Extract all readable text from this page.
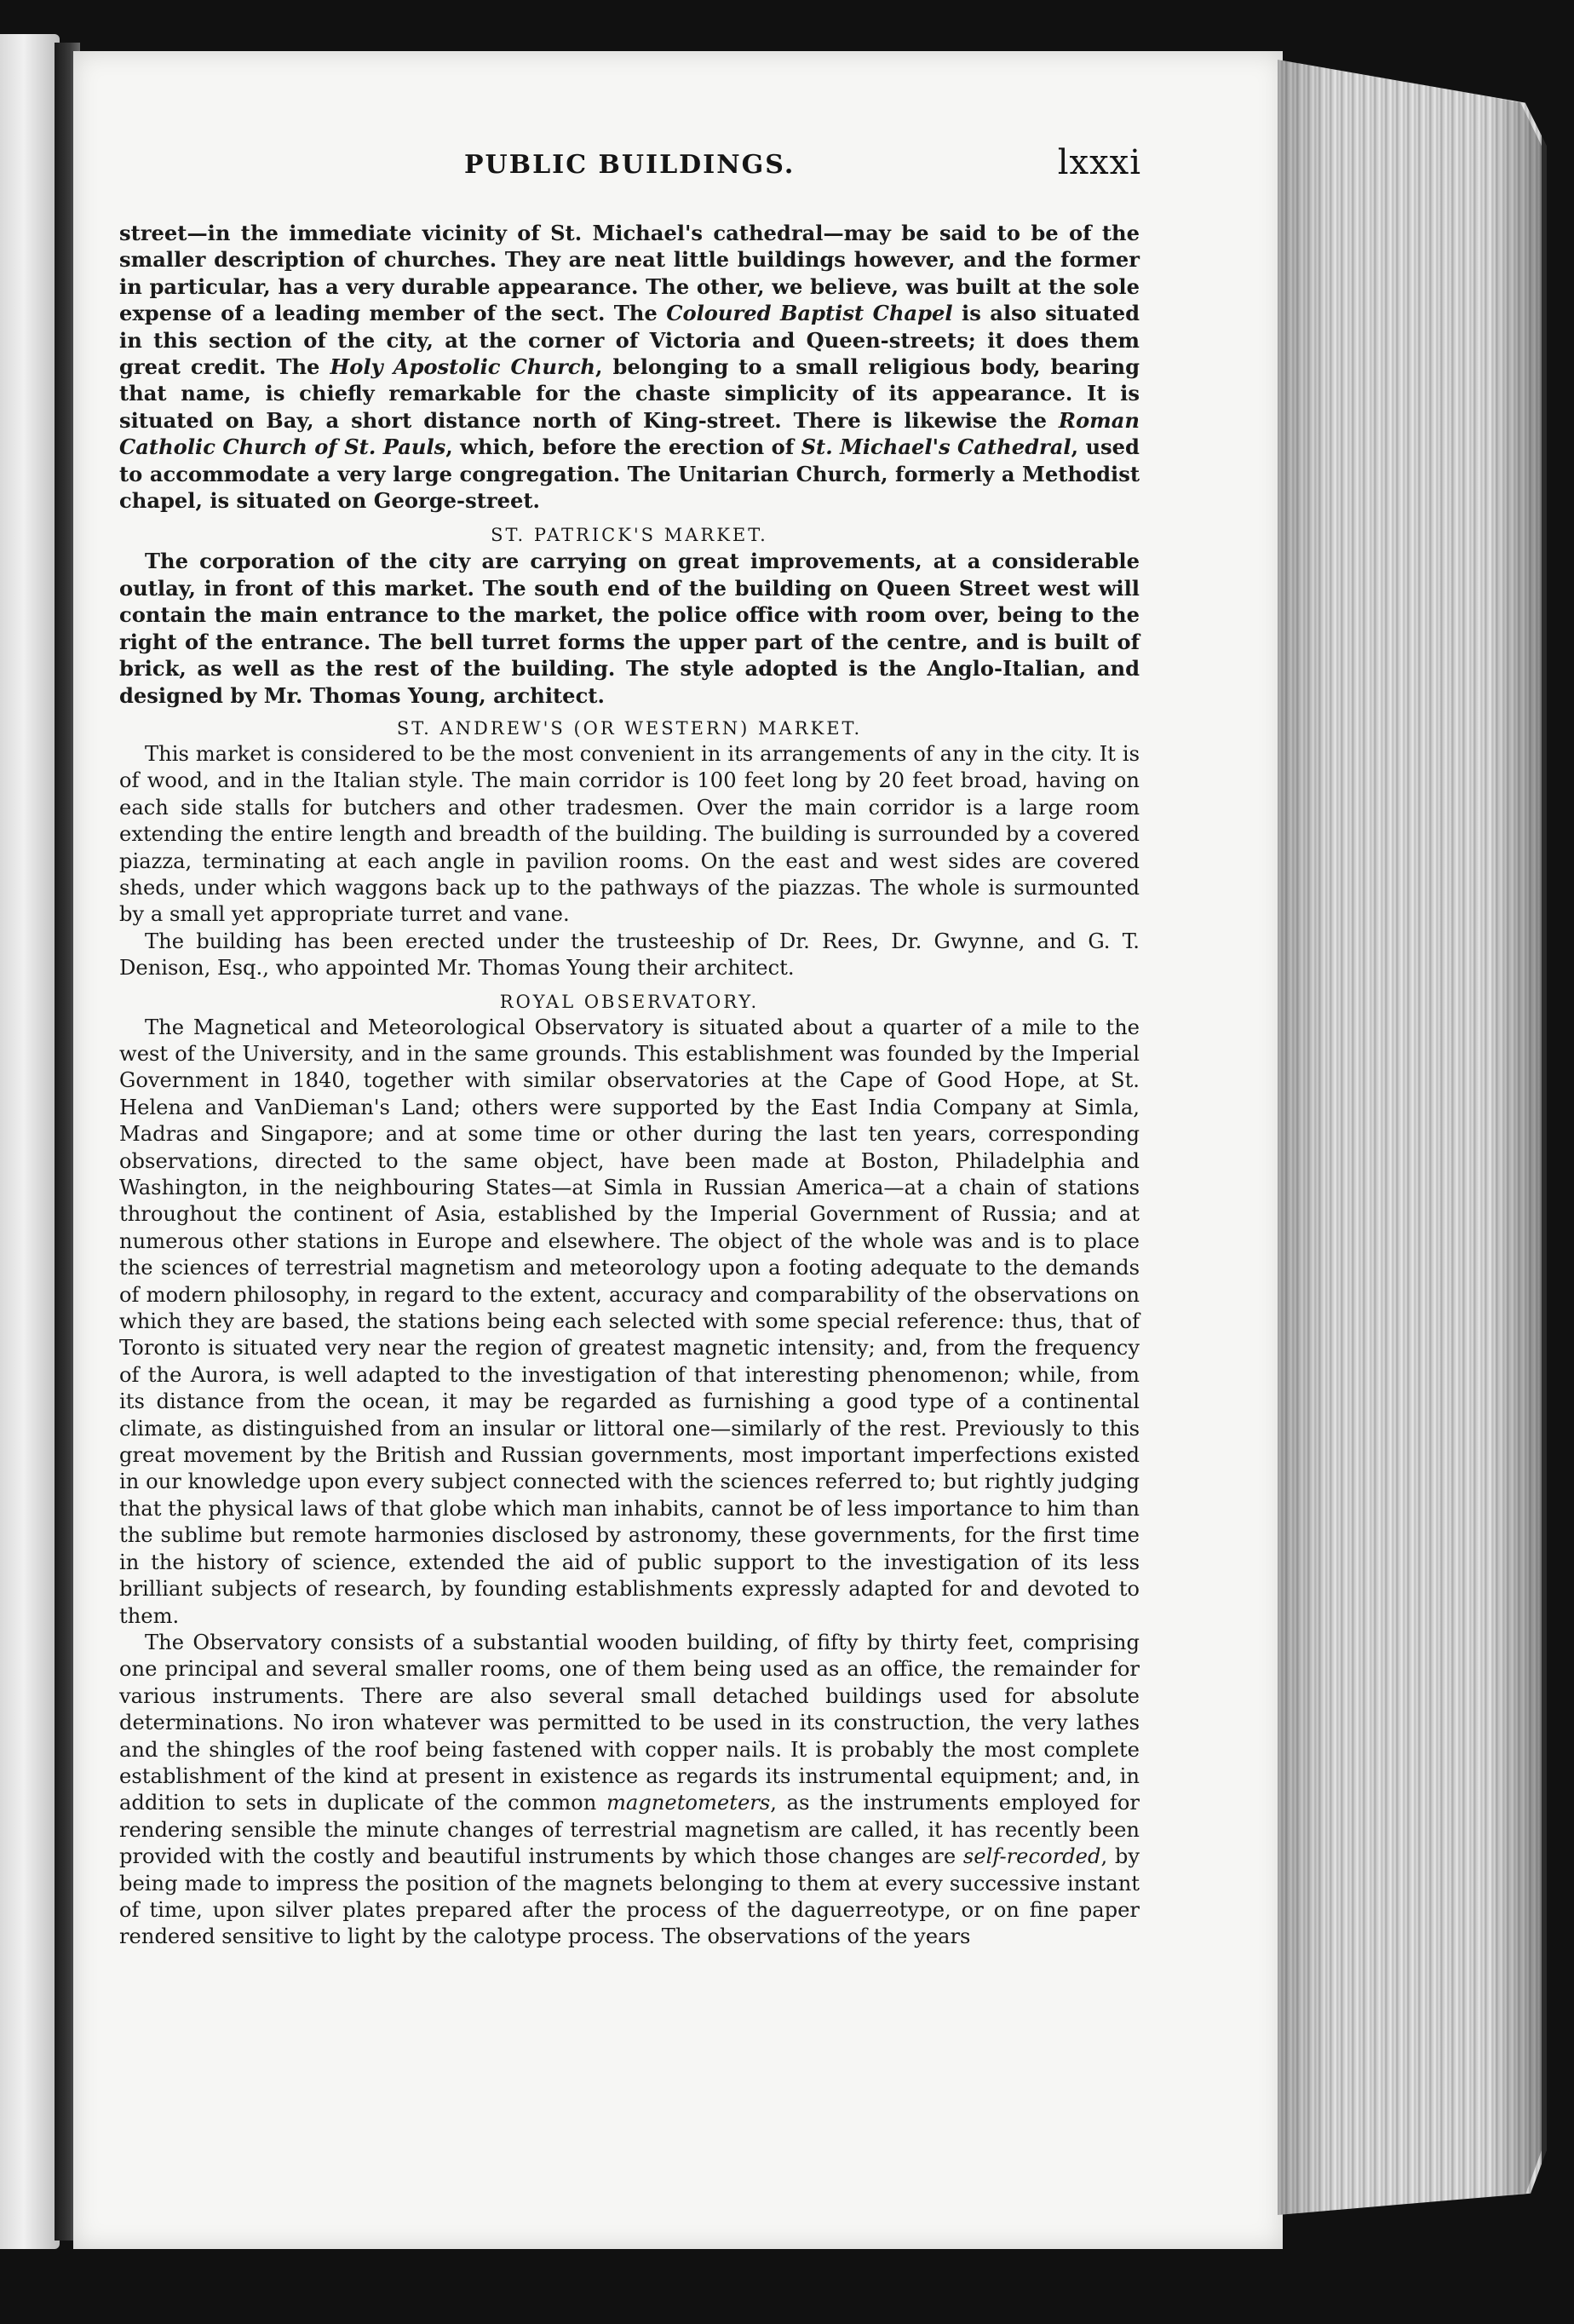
PUBLIC BUILDINGS.	lxxxi

street—in the immediate vicinity of St. Michael's cathedral—may be said to be of the smaller description of churches. They are neat little buildings however, and the former in particular, has a very durable appearance. The other, we believe, was built at the sole expense of a leading member of the sect. The Coloured Baptist Chapel is also situated in this section of the city, at the corner of Victoria and Queen-streets; it does them great credit. The Holy Apostolic Church, belonging to a small religious body, bearing that name, is chiefly remarkable for the chaste simplicity of its appearance. It is situated on Bay, a short distance north of King-street. There is likewise the Roman Catholic Church of St. Pauls, which, before the erection of St. Michael's Cathedral, used to accommodate a very large congregation. The Unitarian Church, formerly a Methodist chapel, is situated on George-street.

ST. PATRICK'S MARKET.

The corporation of the city are carrying on great improvements, at a considerable outlay, in front of this market. The south end of the building on Queen Street west will contain the main entrance to the market, the police office with room over, being to the right of the entrance. The bell turret forms the upper part of the centre, and is built of brick, as well as the rest of the building. The style adopted is the Anglo-Italian, and designed by Mr. Thomas Young, architect.

ST. ANDREW'S (OR WESTERN) MARKET.

This market is considered to be the most convenient in its arrangements of any in the city. It is of wood, and in the Italian style. The main corridor is 100 feet long by 20 feet broad, having on each side stalls for butchers and other tradesmen. Over the main corridor is a large room extending the entire length and breadth of the building. The building is surrounded by a covered piazza, terminating at each angle in pavilion rooms. On the east and west sides are covered sheds, under which waggons back up to the pathways of the piazzas. The whole is surmounted by a small yet appropriate turret and vane.

The building has been erected under the trusteeship of Dr. Rees, Dr. Gwynne, and G. T. Denison, Esq., who appointed Mr. Thomas Young their architect.

ROYAL OBSERVATORY.

The Magnetical and Meteorological Observatory is situated about a quarter of a mile to the west of the University, and in the same grounds. This establishment was founded by the Imperial Government in 1840, together with similar observatories at the Cape of Good Hope, at St. Helena and VanDieman's Land; others were supported by the East India Company at Simla, Madras and Singapore; and at some time or other during the last ten years, corresponding observations, directed to the same object, have been made at Boston, Philadelphia and Washington, in the neighbouring States—at Simla in Russian America—at a chain of stations throughout the continent of Asia, established by the Imperial Government of Russia; and at numerous other stations in Europe and elsewhere. The object of the whole was and is to place the sciences of terrestrial magnetism and meteorology upon a footing adequate to the demands of modern philosophy, in regard to the extent, accuracy and comparability of the observations on which they are based, the stations being each selected with some special reference: thus, that of Toronto is situated very near the region of greatest magnetic intensity; and, from the frequency of the Aurora, is well adapted to the investigation of that interesting phenomenon; while, from its distance from the ocean, it may be regarded as furnishing a good type of a continental climate, as distinguished from an insular or littoral one—similarly of the rest. Previously to this great movement by the British and Russian governments, most important imperfections existed in our knowledge upon every subject connected with the sciences referred to; but rightly judging that the physical laws of that globe which man inhabits, cannot be of less importance to him than the sublime but remote harmonies disclosed by astronomy, these governments, for the first time in the history of science, extended the aid of public support to the investigation of its less brilliant subjects of research, by founding establishments expressly adapted for and devoted to them.

The Observatory consists of a substantial wooden building, of fifty by thirty feet, comprising one principal and several smaller rooms, one of them being used as an office, the remainder for various instruments. There are also several small detached buildings used for absolute determinations. No iron whatever was permitted to be used in its construction, the very lathes and the shingles of the roof being fastened with copper nails. It is probably the most complete establishment of the kind at present in existence as regards its instrumental equipment; and, in addition to sets in duplicate of the common magnetometers, as the instruments employed for rendering sensible the minute changes of terrestrial magnetism are called, it has recently been provided with the costly and beautiful instruments by which those changes are self-recorded, by being made to impress the position of the magnets belonging to them at every successive instant of time, upon silver plates prepared after the process of the daguerreotype, or on fine paper rendered sensitive to light by the calotype process. The observations of the years
